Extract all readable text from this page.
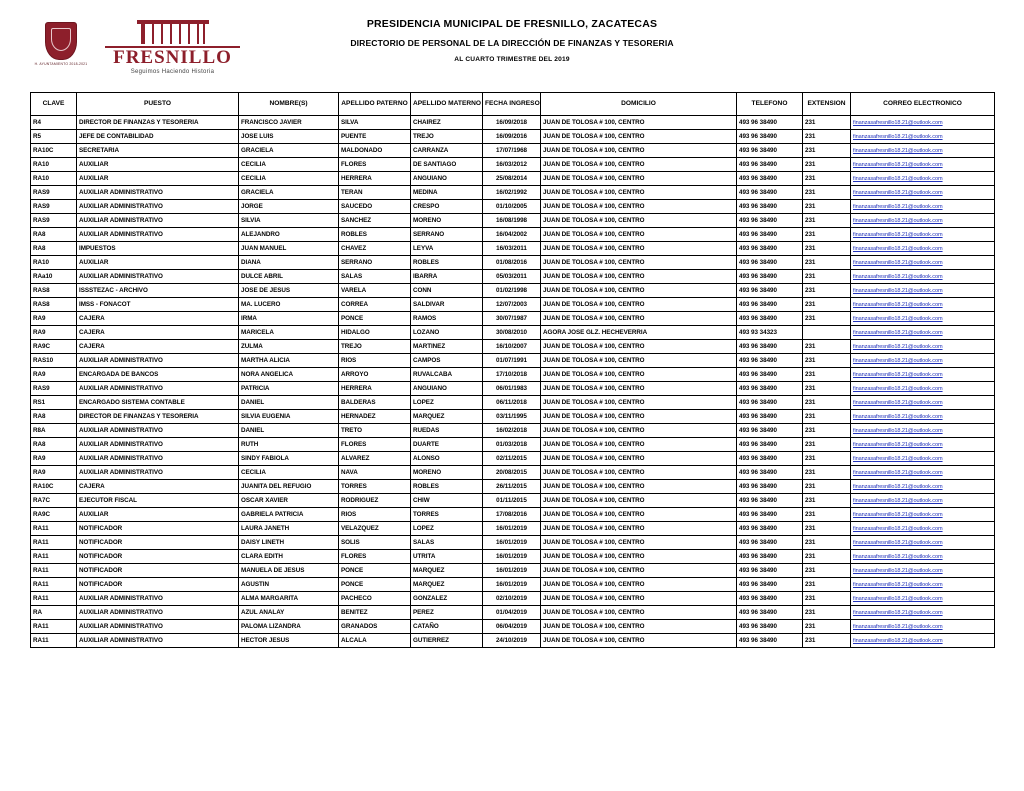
H. AYUNTAMIENTO 2018-2021	FRESNILLO
Seguimos Haciendo Historia
PRESIDENCIA MUNICIPAL DE FRESNILLO, ZACATECAS
DIRECTORIO DE PERSONAL DE LA DIRECCIÓN DE FINANZAS Y TESORERIA
AL CUARTO TRIMESTRE DEL 2019
CLAVE	PUESTO	NOMBRE(S)	APELLIDO PATERNO	APELLIDO MATERNO	FECHA INGRESO	DOMICILIO	TELEFONO	EXTENSION	CORREO ELECTRONICO
R4	DIRECTOR DE FINANZAS Y TESORERIA	FRANCISCO JAVIER	SILVA	CHAIREZ	16/09/2018	JUAN DE TOLOSA # 100, CENTRO	493 96 38490	231	finanzasafresnillo18.21@outlook.com
R5	JEFE DE CONTABILIDAD	JOSE LUIS	PUENTE	TREJO	16/09/2016	JUAN DE TOLOSA # 100, CENTRO	493 96 38490	231	finanzasafresnillo18.21@outlook.com
RA10C	SECRETARIA	GRACIELA	MALDONADO	CARRANZA	17/07/1968	JUAN DE TOLOSA # 100, CENTRO	493 96 38490	231	finanzasafresnillo18.21@outlook.com
RA10	AUXILIAR	CECILIA	FLORES	DE SANTIAGO	16/03/2012	JUAN DE TOLOSA # 100, CENTRO	493 96 38490	231	finanzasafresnillo18.21@outlook.com
RA10	AUXILIAR	CECILIA	HERRERA	ANGUIANO	25/08/2014	JUAN DE TOLOSA # 100, CENTRO	493 96 38490	231	finanzasafresnillo18.21@outlook.com
RAS9	AUXILIAR ADMINISTRATIVO	GRACIELA	TERAN	MEDINA	16/02/1992	JUAN DE TOLOSA # 100, CENTRO	493 96 38490	231	finanzasafresnillo18.21@outlook.com
RAS9	AUXILIAR ADMINISTRATIVO	JORGE	SAUCEDO	CRESPO	01/10/2005	JUAN DE TOLOSA # 100, CENTRO	493 96 38490	231	finanzasafresnillo18.21@outlook.com
RAS9	AUXILIAR ADMINISTRATIVO	SILVIA	SANCHEZ	MORENO	16/08/1998	JUAN DE TOLOSA # 100, CENTRO	493 96 38490	231	finanzasafresnillo18.21@outlook.com
RA8	AUXILIAR ADMINISTRATIVO	ALEJANDRO	ROBLES	SERRANO	16/04/2002	JUAN DE TOLOSA # 100, CENTRO	493 96 38490	231	finanzasafresnillo18.21@outlook.com
RA8	IMPUESTOS	JUAN MANUEL	CHAVEZ	LEYVA	16/03/2011	JUAN DE TOLOSA # 100, CENTRO	493 96 38490	231	finanzasafresnillo18.21@outlook.com
RA10	AUXILIAR	DIANA	SERRANO	ROBLES	01/08/2016	JUAN DE TOLOSA # 100, CENTRO	493 96 38490	231	finanzasafresnillo18.21@outlook.com
RAa10	AUXILIAR ADMINISTRATIVO	DULCE ABRIL	SALAS	IBARRA	05/03/2011	JUAN DE TOLOSA # 100, CENTRO	493 96 38490	231	finanzasafresnillo18.21@outlook.com
RAS8	ISSSTEZAC - ARCHIVO	JOSE DE JESUS	VARELA	CONN	01/02/1998	JUAN DE TOLOSA # 100, CENTRO	493 96 38490	231	finanzasafresnillo18.21@outlook.com
RAS8	IMSS - FONACOT	MA. LUCERO	CORREA	SALDIVAR	12/07/2003	JUAN DE TOLOSA # 100, CENTRO	493 96 38490	231	finanzasafresnillo18.21@outlook.com
RA9	CAJERA	IRMA	PONCE	RAMOS	30/07/1987	JUAN DE TOLOSA # 100, CENTRO	493 96 38490	231	finanzasafresnillo18.21@outlook.com
RA9	CAJERA	MARICELA	HIDALGO	LOZANO	30/08/2010	AGORA JOSE GLZ. HECHEVERRIA	493 93 34323		finanzasafresnillo18.21@outlook.com
RA9C	CAJERA	ZULMA	TREJO	MARTINEZ	16/10/2007	JUAN DE TOLOSA # 100, CENTRO	493 96 38490	231	finanzasafresnillo18.21@outlook.com
RAS10	AUXILIAR ADMINISTRATIVO	MARTHA ALICIA	RIOS	CAMPOS	01/07/1991	JUAN DE TOLOSA # 100, CENTRO	493 96 38490	231	finanzasafresnillo18.21@outlook.com
RA9	ENCARGADA DE BANCOS	NORA ANGELICA	ARROYO	RUVALCABA	17/10/2018	JUAN DE TOLOSA # 100, CENTRO	493 96 38490	231	finanzasafresnillo18.21@outlook.com
RAS9	AUXILIAR ADMINISTRATIVO	PATRICIA	HERRERA	ANGUIANO	06/01/1983	JUAN DE TOLOSA # 100, CENTRO	493 96 38490	231	finanzasafresnillo18.21@outlook.com
RS1	ENCARGADO SISTEMA CONTABLE	DANIEL	BALDERAS	LOPEZ	06/11/2018	JUAN DE TOLOSA # 100, CENTRO	493 96 38490	231	finanzasafresnillo18.21@outlook.com
RA8	DIRECTOR DE FINANZAS Y TESORERIA	SILVIA EUGENIA	HERNADEZ	MARQUEZ	03/11/1995	JUAN DE TOLOSA # 100, CENTRO	493 96 38490	231	finanzasafresnillo18.21@outlook.com
R8A	AUXILIAR ADMINISTRATIVO	DANIEL	TRETO	RUEDAS	16/02/2018	JUAN DE TOLOSA # 100, CENTRO	493 96 38490	231	finanzasafresnillo18.21@outlook.com
RA8	AUXILIAR ADMINISTRATIVO	RUTH	FLORES	DUARTE	01/03/2018	JUAN DE TOLOSA # 100, CENTRO	493 96 38490	231	finanzasafresnillo18.21@outlook.com
RA9	AUXILIAR ADMINISTRATIVO	SINDY FABIOLA	ALVAREZ	ALONSO	02/11/2015	JUAN DE TOLOSA # 100, CENTRO	493 96 38490	231	finanzasafresnillo18.21@outlook.com
RA9	AUXILIAR ADMINISTRATIVO	CECILIA	NAVA	MORENO	20/08/2015	JUAN DE TOLOSA # 100, CENTRO	493 96 38490	231	finanzasafresnillo18.21@outlook.com
RA10C	CAJERA	JUANITA DEL REFUGIO	TORRES	ROBLES	26/11/2015	JUAN DE TOLOSA # 100, CENTRO	493 96 38490	231	finanzasafresnillo18.21@outlook.com
RA7C	EJECUTOR FISCAL	OSCAR XAVIER	RODRIGUEZ	CHIW	01/11/2015	JUAN DE TOLOSA # 100, CENTRO	493 96 38490	231	finanzasafresnillo18.21@outlook.com
RA9C	AUXILIAR	GABRIELA PATRICIA	RIOS	TORRES	17/08/2016	JUAN DE TOLOSA # 100, CENTRO	493 96 38490	231	finanzasafresnillo18.21@outlook.com
RA11	NOTIFICADOR	LAURA JANETH	VELAZQUEZ	LOPEZ	16/01/2019	JUAN DE TOLOSA # 100, CENTRO	493 96 38490	231	finanzasafresnillo18.21@outlook.com
RA11	NOTIFICADOR	DAISY LINETH	SOLIS	SALAS	16/01/2019	JUAN DE TOLOSA # 100, CENTRO	493 96 38490	231	finanzasafresnillo18.21@outlook.com
RA11	NOTIFICADOR	CLARA EDITH	FLORES	UTRITA	16/01/2019	JUAN DE TOLOSA # 100, CENTRO	493 96 38490	231	finanzasafresnillo18.21@outlook.com
RA11	NOTIFICADOR	MANUELA DE JESUS	PONCE	MARQUEZ	16/01/2019	JUAN DE TOLOSA # 100, CENTRO	493 96 38490	231	finanzasafresnillo18.21@outlook.com
RA11	NOTIFICADOR	AGUSTIN	PONCE	MARQUEZ	16/01/2019	JUAN DE TOLOSA # 100, CENTRO	493 96 38490	231	finanzasafresnillo18.21@outlook.com
RA11	AUXILIAR ADMINISTRATIVO	ALMA MARGARITA	PACHECO	GONZALEZ	02/10/2019	JUAN DE TOLOSA # 100, CENTRO	493 96 38490	231	finanzasafresnillo18.21@outlook.com
RA	AUXILIAR ADMINISTRATIVO	AZUL ANALAY	BENITEZ	PEREZ	01/04/2019	JUAN DE TOLOSA # 100, CENTRO	493 96 38490	231	finanzasafresnillo18.21@outlook.com
RA11	AUXILIAR ADMINISTRATIVO	PALOMA LIZANDRA	GRANADOS	CATAÑO	06/04/2019	JUAN DE TOLOSA # 100, CENTRO	493 96 38490	231	finanzasafresnillo18.21@outlook.com
RA11	AUXILIAR ADMINISTRATIVO	HECTOR JESUS	ALCALA	GUTIERREZ	24/10/2019	JUAN DE TOLOSA # 100, CENTRO	493 96 38490	231	finanzasafresnillo18.21@outlook.com
